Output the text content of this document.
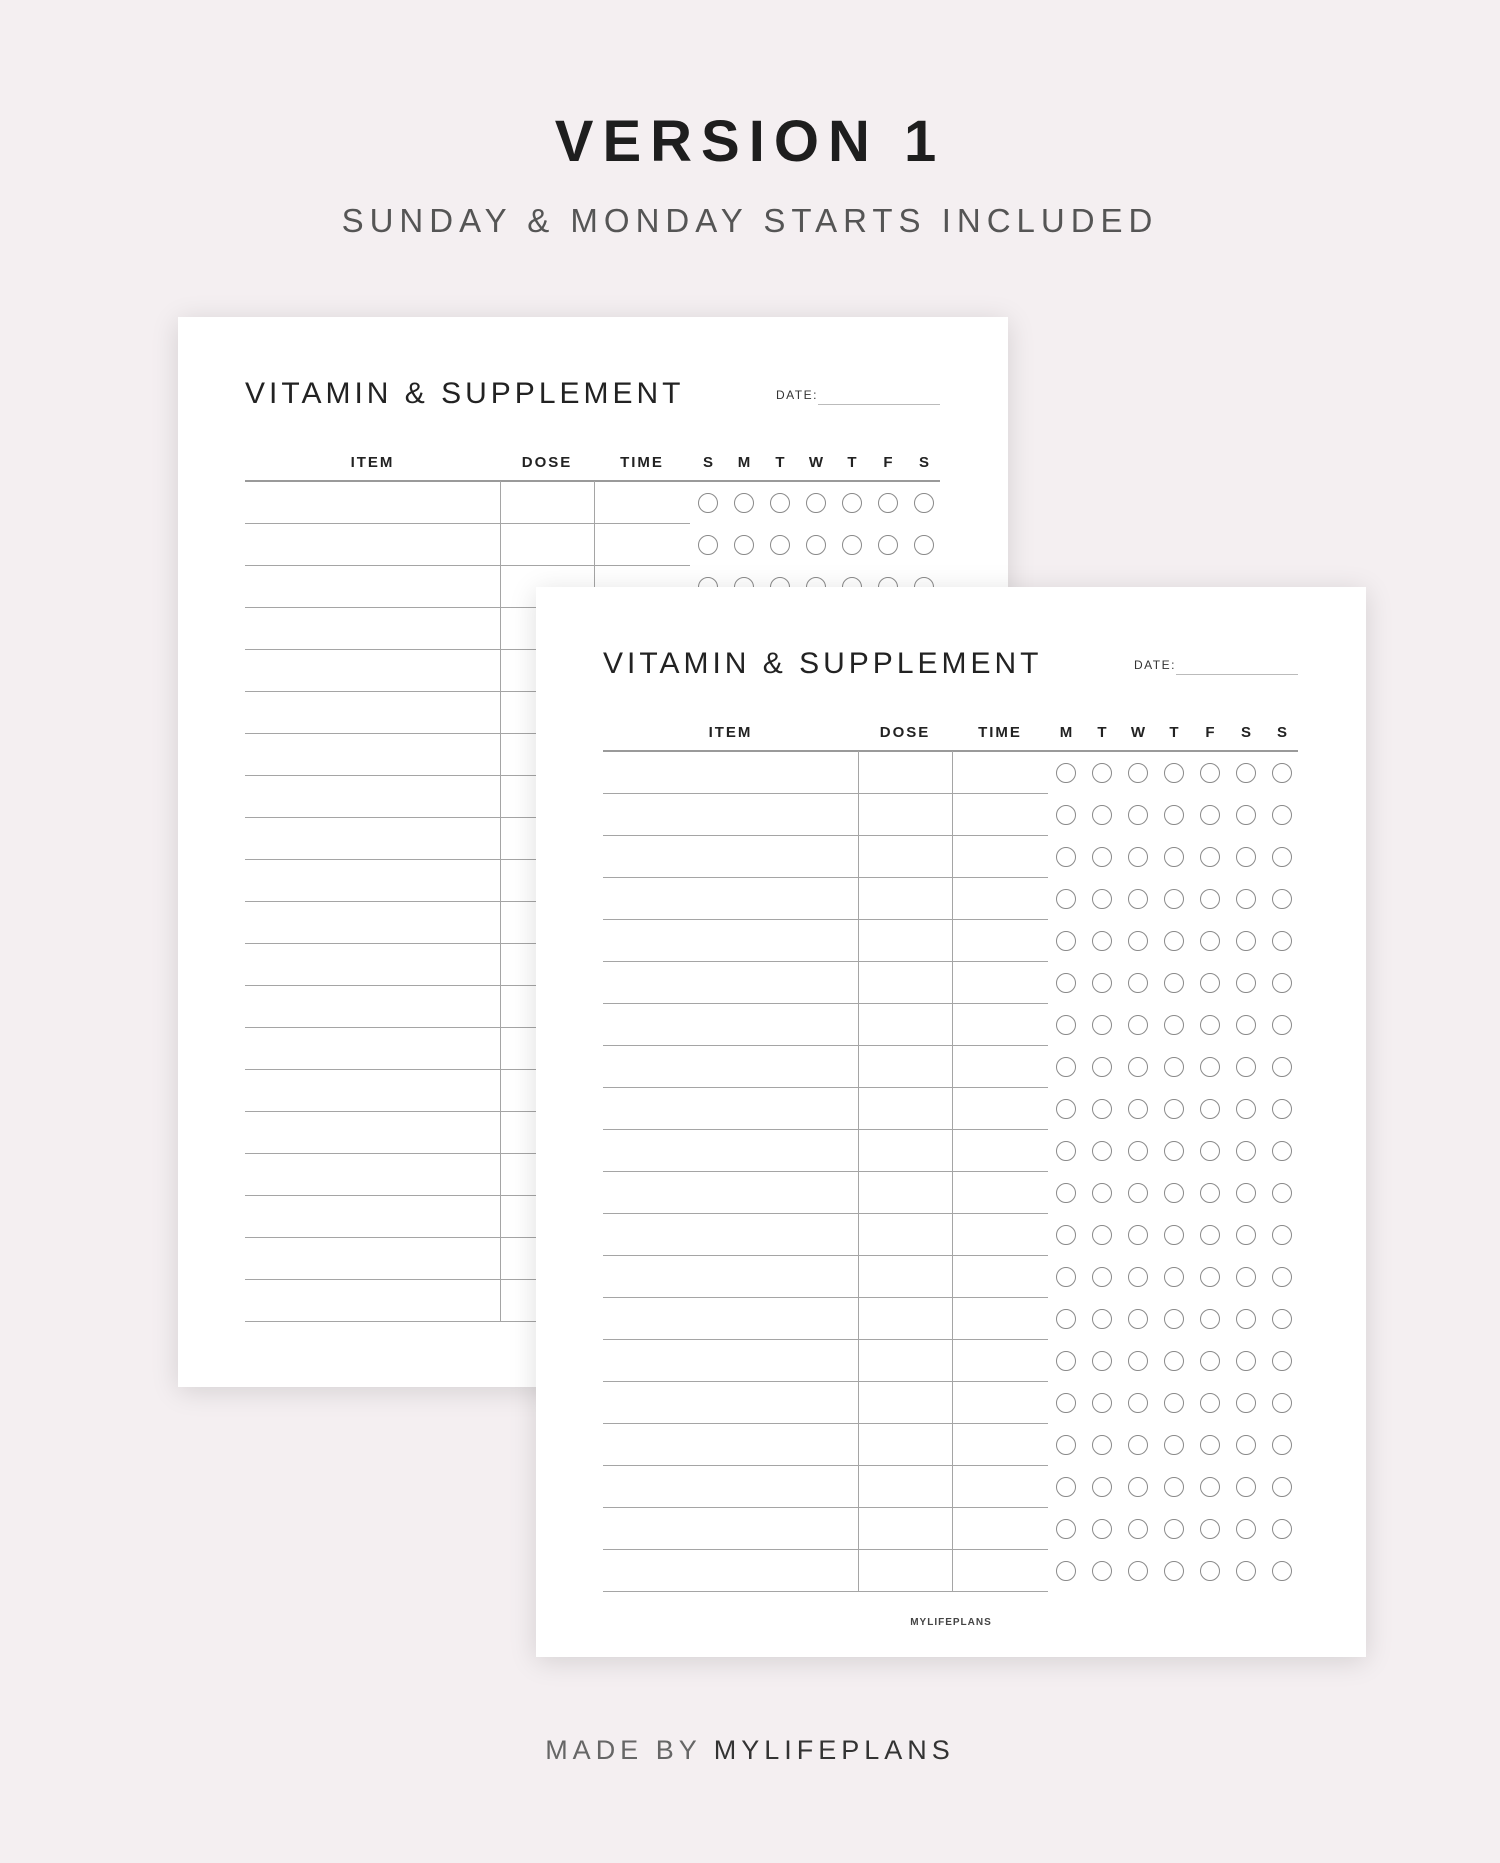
VERSION 1
SUNDAY & MONDAY STARTS INCLUDED
VITAMIN & SUPPLEMENT	DATE:
ITEM	DOSE	TIME	S	M	T	W	T	F	S
VITAMIN & SUPPLEMENT	DATE:
ITEM	DOSE	TIME	M	T	W	T	F	S	S
MYLIFEPLANS
MADE BY MYLIFEPLANS
